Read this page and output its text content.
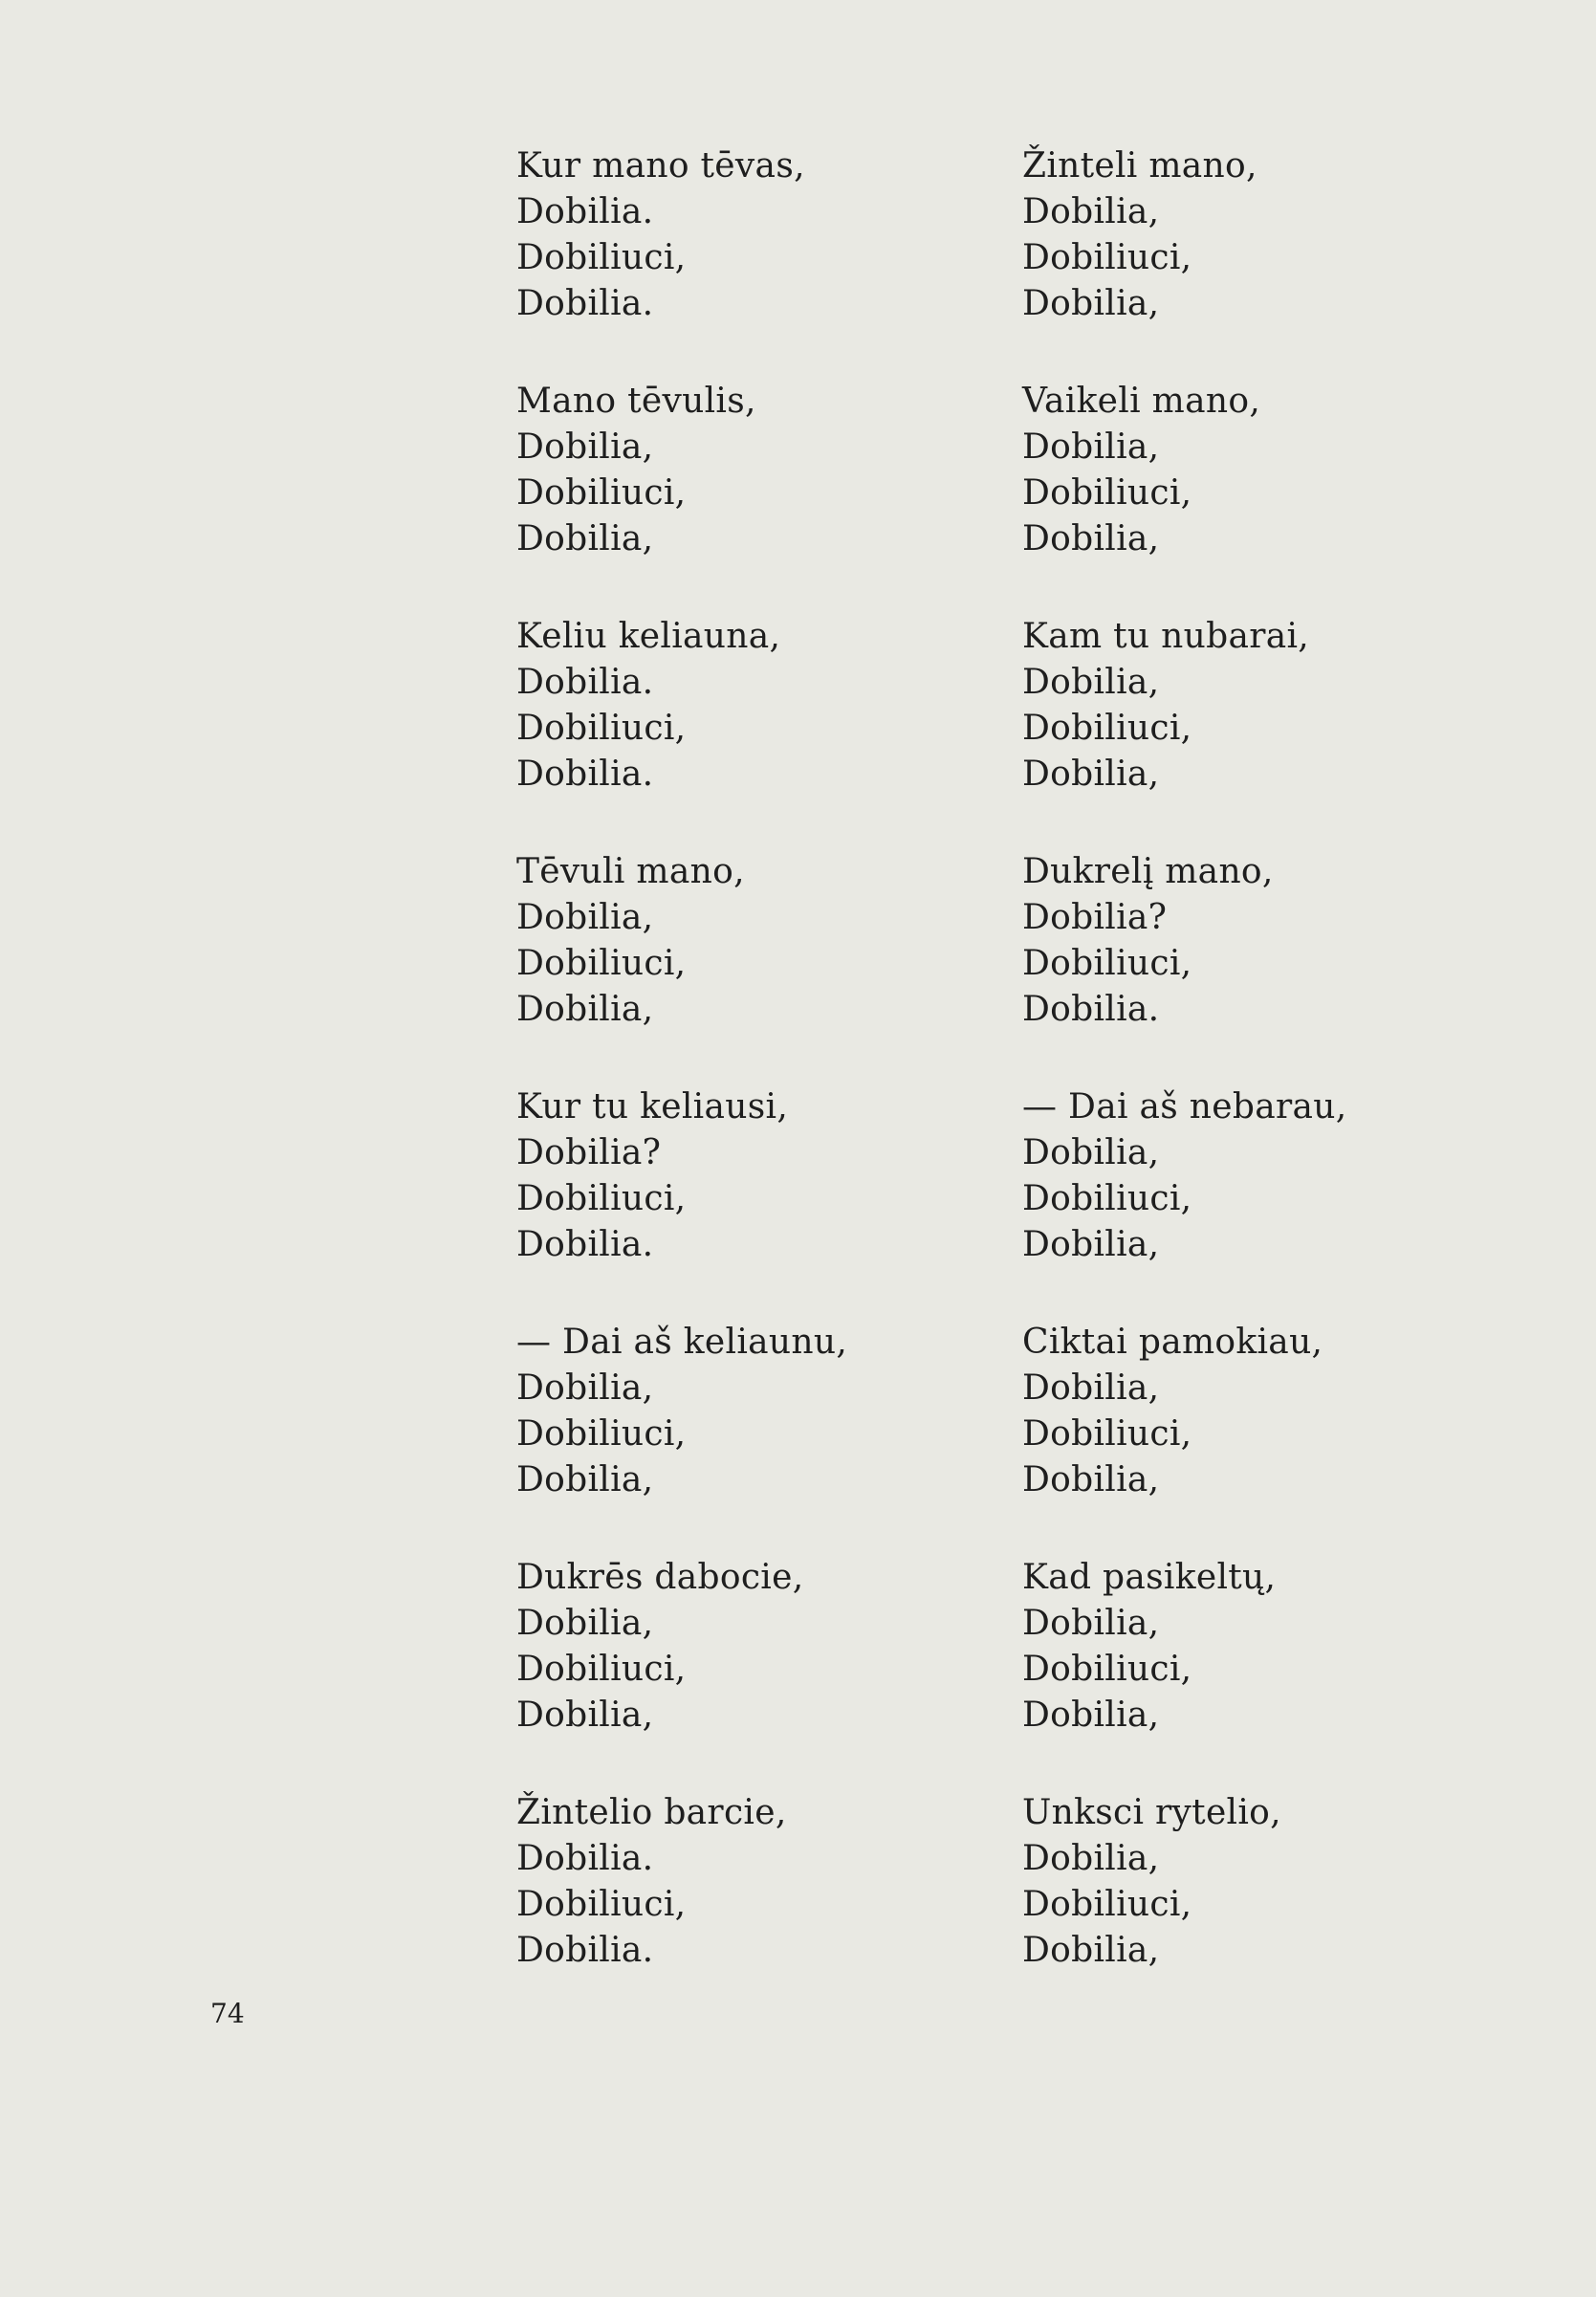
Kur mano tēvas,
Dobilia.
Dobiliuci,
Dobilia.
Mano tēvulis,
Dobilia,
Dobiliuci,
Dobilia,
Keliu keliauna,
Dobilia.
Dobiliuci,
Dobilia.
Tēvuli mano,
Dobilia,
Dobiliuci,
Dobilia,
Kur tu keliausi,
Dobilia?
Dobiliuci,
Dobilia.
— Dai aš keliaunu,
Dobilia,
Dobiliuci,
Dobilia,
Dukrēs dabocie,
Dobilia,
Dobiliuci,
Dobilia,
Žintelio barcie,
Dobilia.
Dobiliuci,
Dobilia.
Žinteli mano,
Dobilia,
Dobiliuci,
Dobilia,
Vaikeli mano,
Dobilia,
Dobiliuci,
Dobilia,
Kam tu nubarai,
Dobilia,
Dobiliuci,
Dobilia,
Dukrelį mano,
Dobilia?
Dobiliuci,
Dobilia.
— Dai aš nebarau,
Dobilia,
Dobiliuci,
Dobilia,
Ciktai pamokiau,
Dobilia,
Dobiliuci,
Dobilia,
Kad pasikeltų,
Dobilia,
Dobiliuci,
Dobilia,
Unksci rytelio,
Dobilia,
Dobiliuci,
Dobilia,
74
